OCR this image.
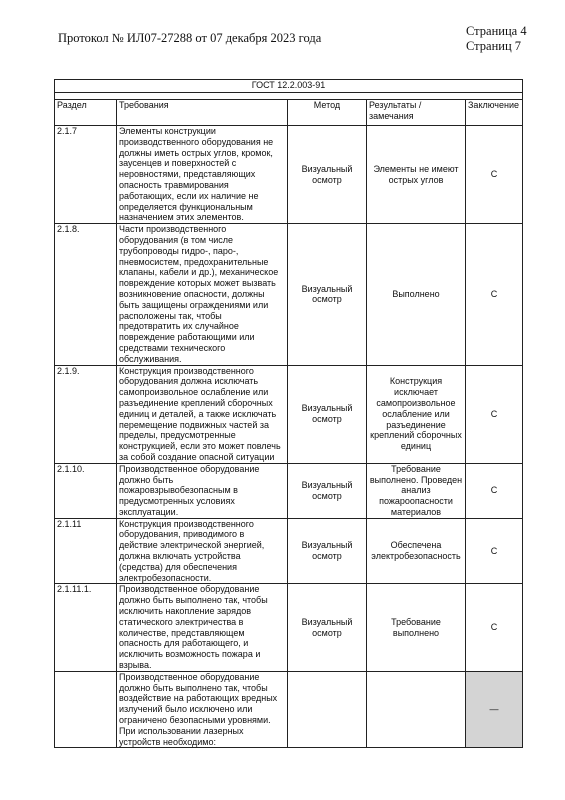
Протокол № ИЛ07-27288 от 07 декабря 2023 года	Страница 4
Страниц 7
ГОСТ 12.2.003-91				

Раздел	Требования	Метод	Результаты / замечания	Заключение
2.1.7	Элементы конструкции производственного оборудования не должны иметь острых углов, кромок, заусенцев и поверхностей с неровностями, представляющих опасность травмирования работающих, если их наличие не определяется функциональным назначением этих элементов.	Визуальный осмотр	Элементы не имеют острых углов	С
2.1.8.	Части производственного оборудования (в том числе трубопроводы гидро-, паро-, пневмосистем, предохранительные клапаны, кабели и др.), механическое повреждение которых может вызвать возникновение опасности, должны быть защищены ограждениями или расположены так, чтобы предотвратить их случайное повреждение работающими или средствами технического обслуживания.	Визуальный осмотр	Выполнено	С
2.1.9.	Конструкция производственного оборудования должна исключать самопроизвольное ослабление или разъединение креплений сборочных единиц и деталей, а также исключать перемещение подвижных частей за пределы, предусмотренные конструкцией, если это может повлечь за собой создание опасной ситуации	Визуальный осмотр	Конструкция исключает самопроизвольное ослабление или разъединение креплений сборочных единиц	С
2.1.10.	Производственное оборудование должно быть пожаровзрывобезопасным в предусмотренных условиях эксплуатации.	Визуальный осмотр	Требование выполнено. Проведен анализ пожароопасности материалов	С
2.1.11	Конструкция производственного оборудования, приводимого в действие электрической энергией, должна включать устройства (средства) для обеспечения электробезопасности.	Визуальный осмотр	Обеспечена электробезопасность	С
2.1.11.1.	Производственное оборудование должно быть выполнено так, чтобы исключить накопление зарядов статического электричества в количестве, представляющем опасность для работающего, и исключить возможность пожара и взрыва.	Визуальный осмотр	Требование выполнено	С
	Производственное оборудование должно быть выполнено так, чтобы воздействие на работающих вредных излучений было исключено или ограничено безопасными уровнями. При использовании лазерных устройств необходимо:			—
